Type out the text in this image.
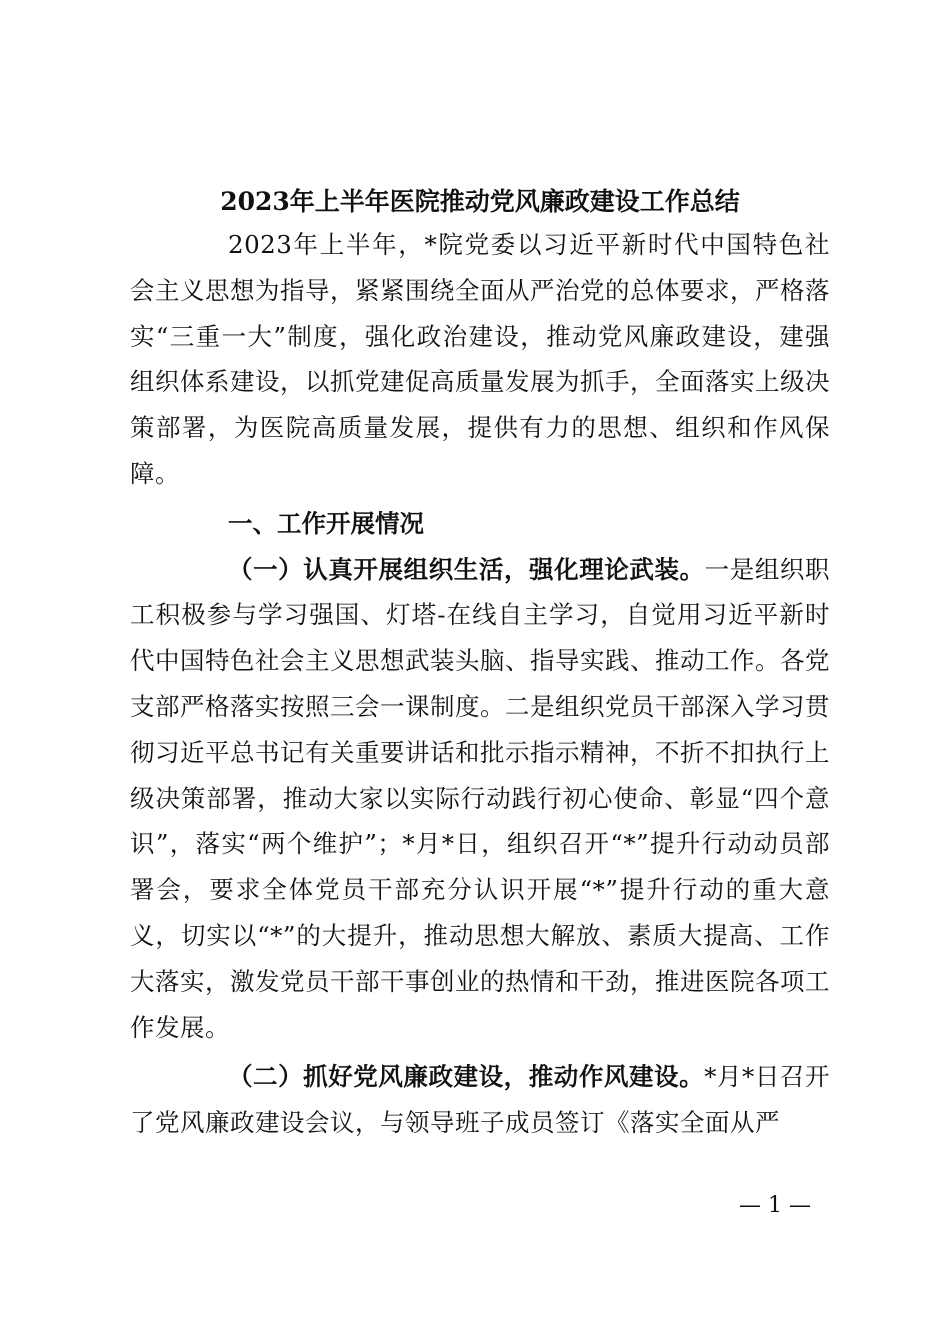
2023年上半年医院推动党风廉政建设工作总结

2023年上半年，*院党委以习近平新时代中国特色社会主义思想为指导，紧紧围绕全面从严治党的总体要求，严格落实“三重一大”制度，强化政治建设，推动党风廉政建设，建强组织体系建设，以抓党建促高质量发展为抓手，全面落实上级决策部署，为医院高质量发展，提供有力的思想、组织和作风保障。

一、工作开展情况

（一）认真开展组织生活，强化理论武装。一是组织职工积极参与学习强国、灯塔-在线自主学习，自觉用习近平新时代中国特色社会主义思想武装头脑、指导实践、推动工作。各党支部严格落实按照三会一课制度。二是组织党员干部深入学习贯彻习近平总书记有关重要讲话和批示指示精神，不折不扣执行上级决策部署，推动大家以实际行动践行初心使命、彰显“四个意识”，落实“两个维护”；*月*日，组织召开“*”提升行动动员部署会，要求全体党员干部充分认识开展“*”提升行动的重大意义，切实以“*”的大提升，推动思想大解放、素质大提高、工作大落实，激发党员干部干事创业的热情和干劲，推进医院各项工作发展。

（二）抓好党风廉政建设，推动作风建设。*月*日召开了党风廉政建设会议，与领导班子成员签订《落实全面从严

— 1 —
